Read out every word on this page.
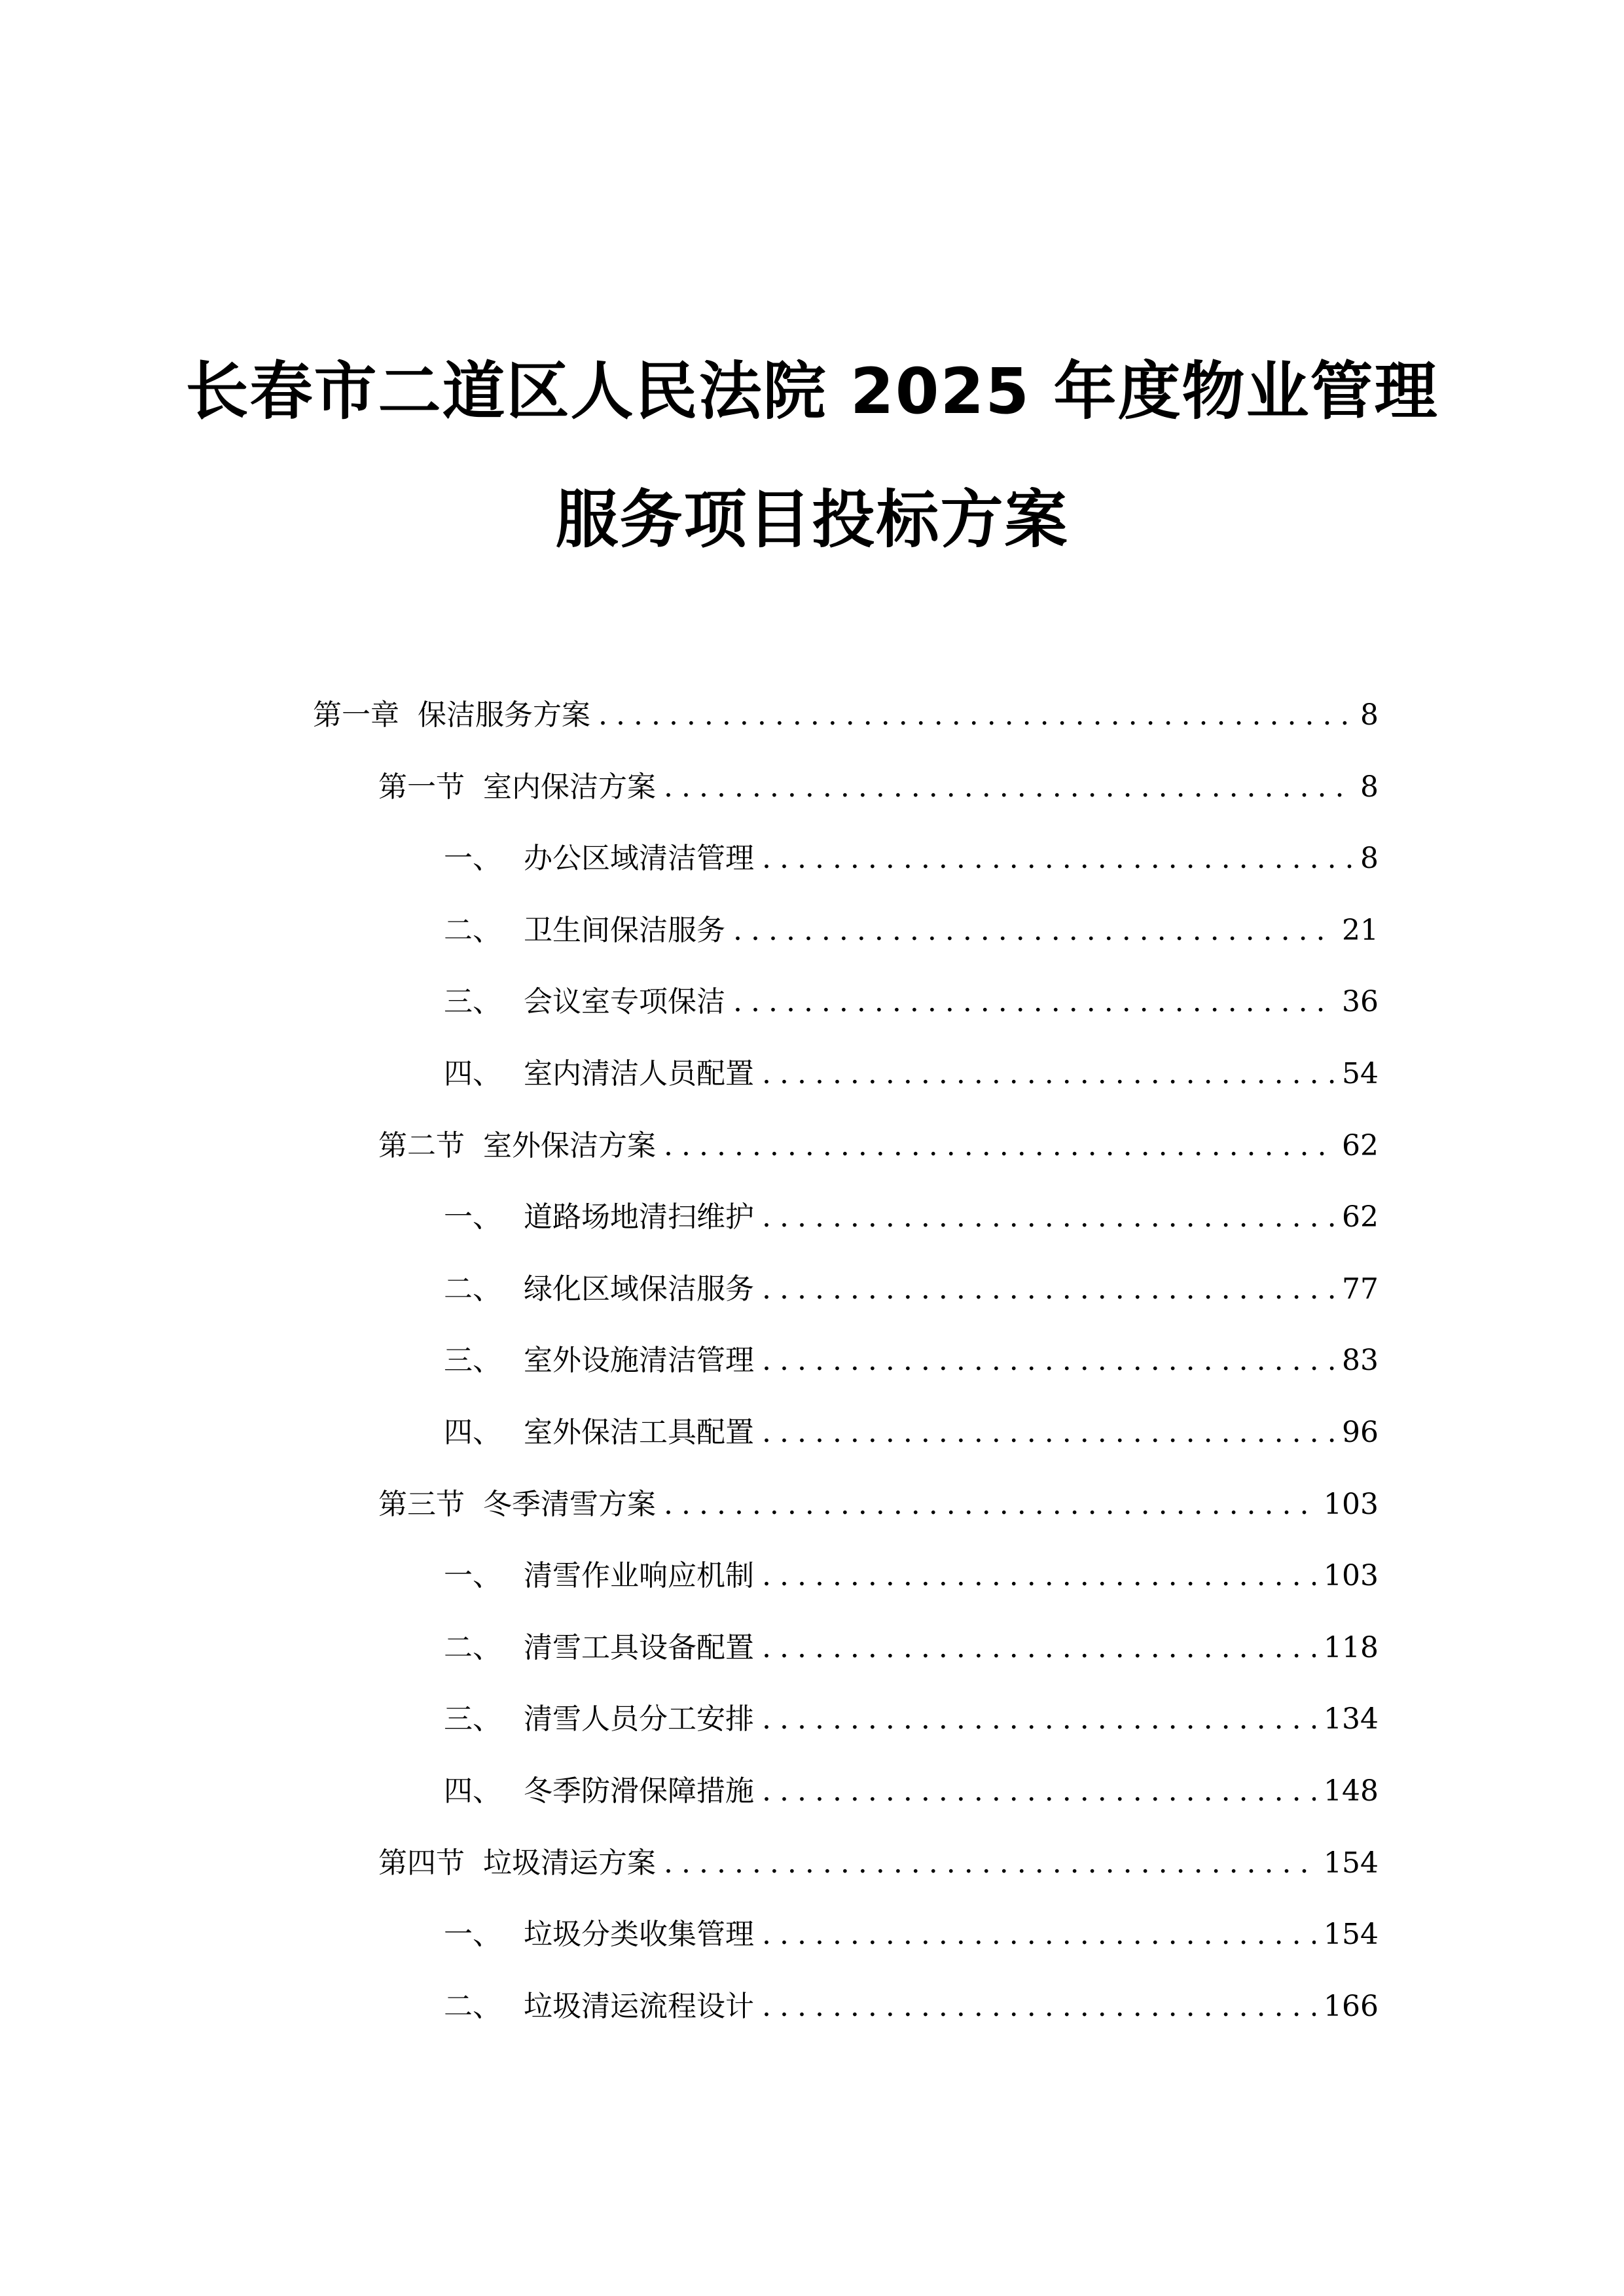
长春市二道区人民法院 2025 年度物业管理
服务项目投标方案
第一章 保洁服务方案 .....	8
第一节 室内保洁方案 .....	8
一、 办公区域清洁管理 .....	8
二、 卫生间保洁服务 .....	21
三、 会议室专项保洁 .....	36
四、 室内清洁人员配置 .....	54
第二节 室外保洁方案 .....	62
一、 道路场地清扫维护 .....	62
二、 绿化区域保洁服务 .....	77
三、 室外设施清洁管理 .....	83
四、 室外保洁工具配置 .....	96
第三节 冬季清雪方案 .....	103
一、 清雪作业响应机制 .....	103
二、 清雪工具设备配置 .....	118
三、 清雪人员分工安排 .....	134
四、 冬季防滑保障措施 .....	148
第四节 垃圾清运方案 .....	154
一、 垃圾分类收集管理 .....	154
二、 垃圾清运流程设计 .....	166
